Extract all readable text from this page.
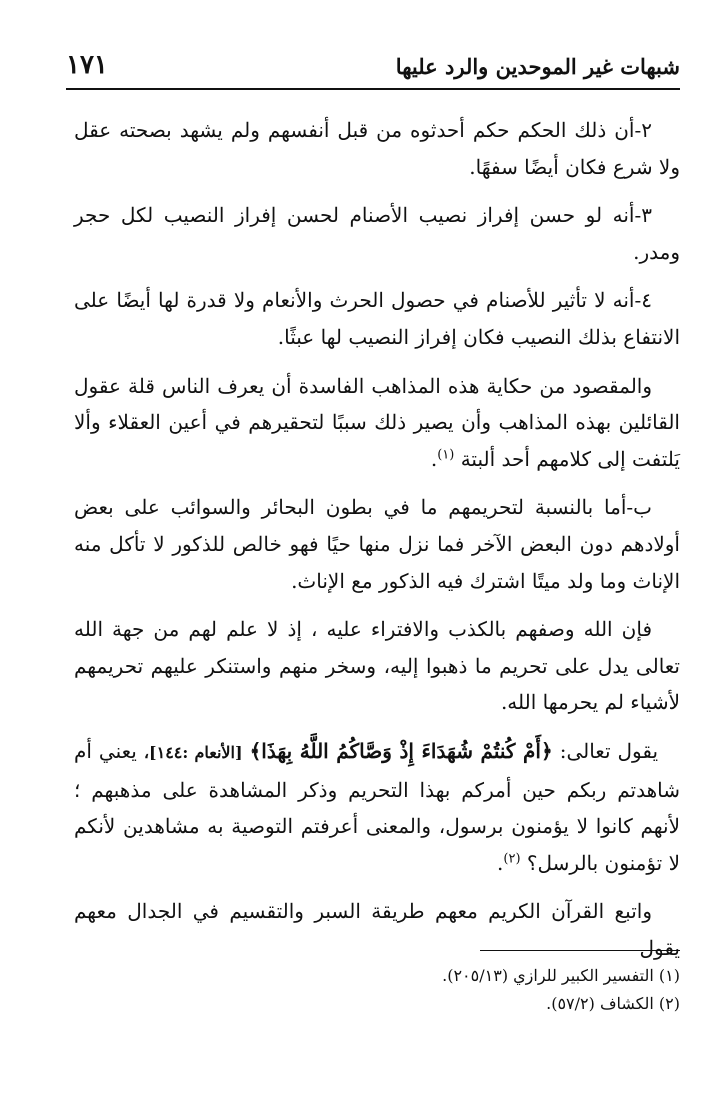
شبهات غير الموحدين والرد عليها
١٧١

٢-أن ذلك الحكم حكم أحدثوه من قبل أنفسهم ولم يشهد بصحته عقل ولا شرع فكان أيضًا سفهًا.

٣-أنه لو حسن إفراز نصيب الأصنام لحسن إفراز النصيب لكل حجر ومدر.

٤-أنه لا تأثير للأصنام في حصول الحرث والأنعام ولا قدرة لها أيضًا على الانتفاع بذلك النصيب فكان إفراز النصيب لها عبثًا.

والمقصود من حكاية هذه المذاهب الفاسدة أن يعرف الناس قلة عقول القائلين بهذه المذاهب وأن يصير ذلك سببًا لتحقيرهم في أعين العقلاء وألا يَلتفت إلى كلامهم أحد ألبتة $^{(١)}$.

ب-أما بالنسبة لتحريمهم ما في بطون البحائر والسوائب على بعض أولادهم دون البعض الآخر فما نزل منها حيًا فهو خالص للذكور لا تأكل منه الإناث وما ولد ميتًا اشترك فيه الذكور مع الإناث.

فإن الله وصفهم بالكذب والافتراء عليه ، إذ لا علم لهم من جهة الله تعالى يدل على تحريم ما ذهبوا إليه، وسخر منهم واستنكر عليهم تحريمهم لأشياء لم يحرمها الله.

يقول تعالى: ﴿أَمْ كُنتُمْ شُهَدَاءَ إِذْ وَصَّاكُمُ اللَّهُ بِهَذَا﴾ [الأنعام :١٤٤]، يعني أم شاهدتم ربكم حين أمركم بهذا التحريم وذكر المشاهدة على مذهبهم ؛ لأنهم كانوا لا يؤمنون برسول، والمعنى أعرفتم التوصية به مشاهدين لأنكم لا تؤمنون بالرسل؟ $^{(٢)}$.

واتبع القرآن الكريم معهم طريقة السبر والتقسيم في الجدال معهم يقول

(١) التفسير الكبير للرازي (٢٠٥/١٣).
(٢) الكشاف (٥٧/٢).
